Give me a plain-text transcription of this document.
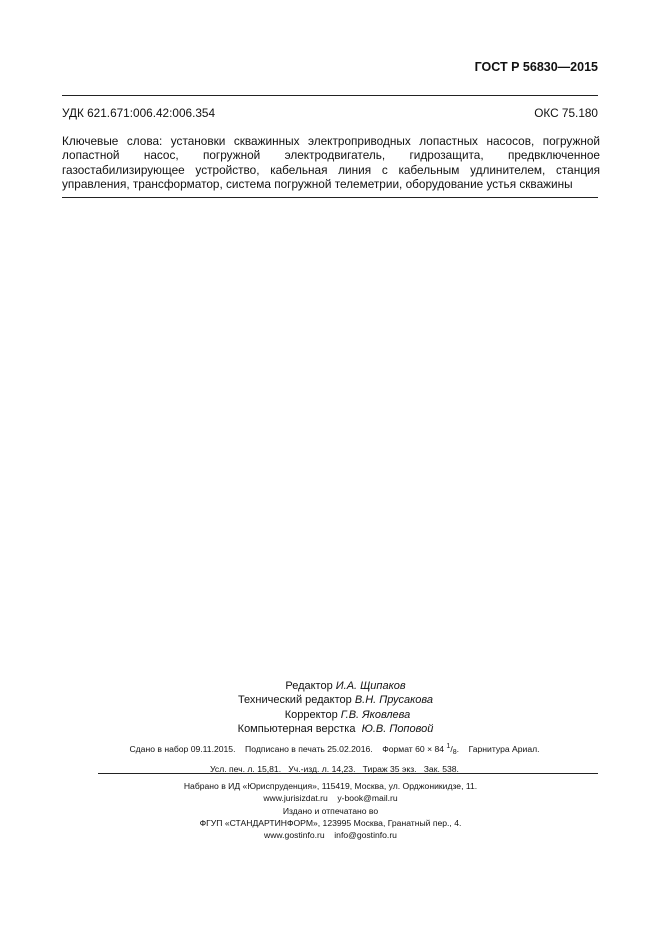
ГОСТ Р 56830—2015
УДК 621.671:006.42:006.354	ОКС 75.180
Ключевые слова: установки скважинных электроприводных лопастных насосов, погружной лопастной насос, погружной электродвигатель, гидрозащита, предвключенное газостабилизирующее устройство, кабельная линия с кабельным удлинителем, станция управления, трансформатор, система погружной телеметрии, оборудование устья скважины
Редактор И.А. Щипаков
Технический редактор В.Н. Прусакова
Корректор Г.В. Яковлева
Компьютерная верстка Ю.В. Поповой
Сдано в набор 09.11.2015. Подписано в печать 25.02.2016. Формат 60 × 84 $^1/_8$.    Гарнитура Ариал.
Усл. печ. л. 15,81. Уч.-изд. л. 14,23. Тираж 35 экз. Зак. 538.
Набрано в ИД «Юриспруденция», 115419, Москва, ул. Орджоникидзе, 11.
www.jurisizdat.ru y-book@mail.ru
Издано и отпечатано во
ФГУП «СТАНДАРТИНФОРМ», 123995 Москва, Гранатный пер., 4.
www.gostinfo.ru info@gostinfo.ru
